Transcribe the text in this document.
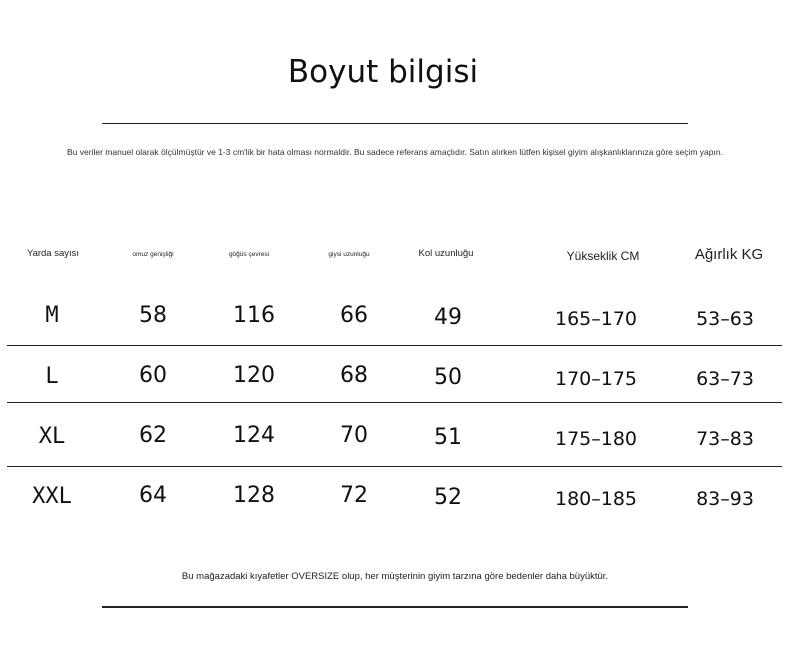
Boyut bilgisi
Bu veriler manuel olarak ölçülmüştür ve 1-3 cm'lik bir hata olması normaldir. Bu sadece referans amaçlıdır. Satın alırken lütfen kişisel giyim alışkanlıklarınıza göre seçim yapın.
Yarda sayısı	omuz genişliği	göğüs çevresi	giysi uzunluğu	Kol uzunluğu	Yükseklik CM	Ağırlık KG
M	58	116	66	49	165–170	53–63
L	60	120	68	50	170–175	63–73
XL	62	124	70	51	175–180	73–83
XXL	64	128	72	52	180–185	83–93
Bu mağazadaki kıyafetler OVERSIZE olup, her müşterinin giyim tarzına göre bedenler daha büyüktür.
